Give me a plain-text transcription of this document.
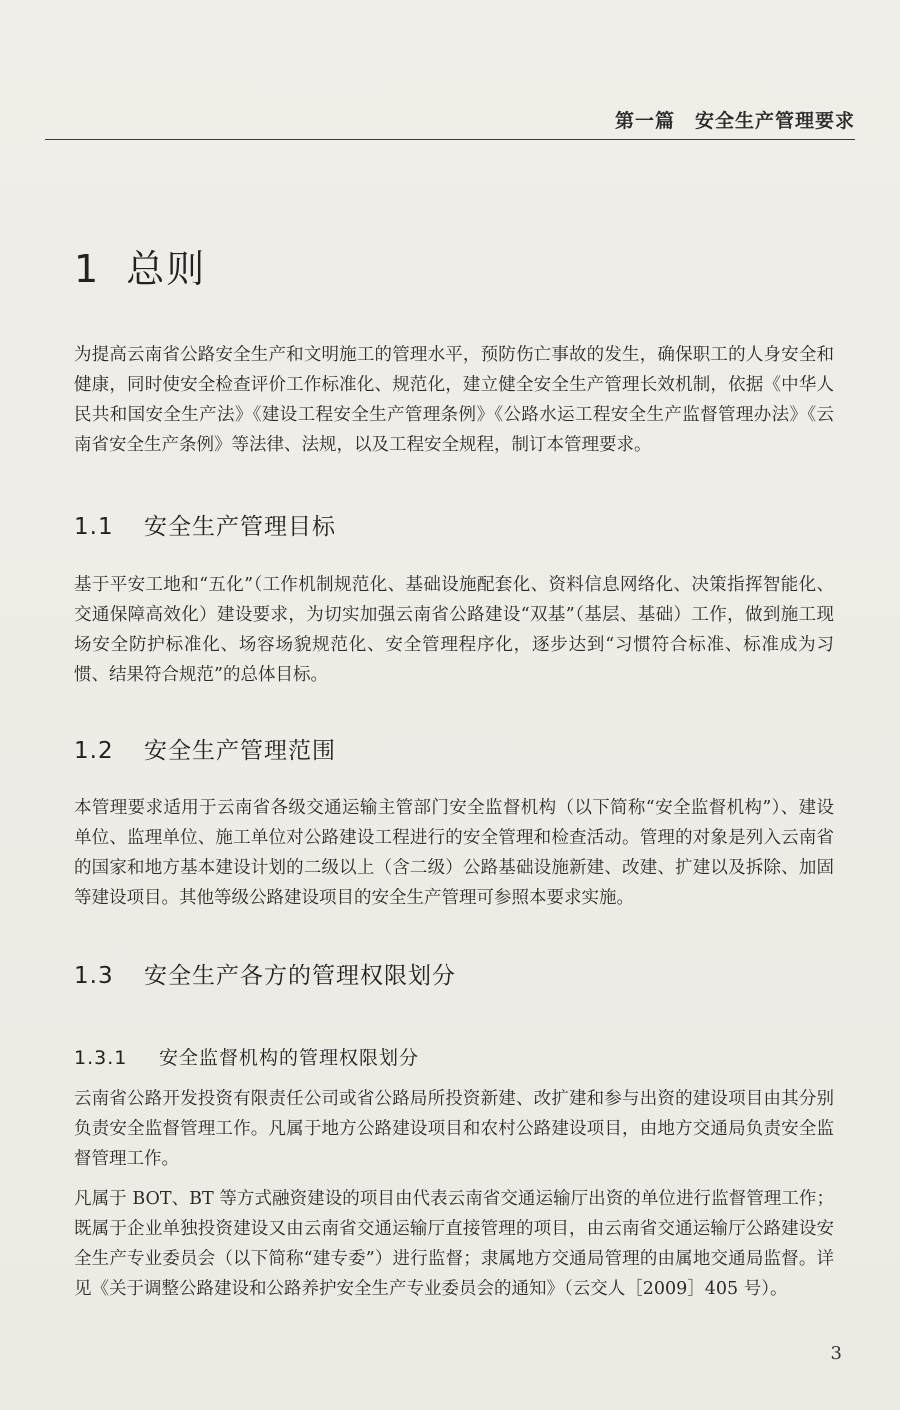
第一篇　安全生产管理要求
1 总则

为提高云南省公路安全生产和文明施工的管理水平，预防伤亡事故的发生，确保职工的人身安全和健康，同时使安全检查评价工作标准化、规范化，建立健全安全生产管理长效机制，依据《中华人民共和国安全生产法》《建设工程安全生产管理条例》《公路水运工程安全生产监督管理办法》《云南省安全生产条例》等法律、法规，以及工程安全规程，制订本管理要求。

1.1 安全生产管理目标

基于平安工地和“五化”（工作机制规范化、基础设施配套化、资料信息网络化、决策指挥智能化、交通保障高效化）建设要求，为切实加强云南省公路建设“双基”（基层、基础）工作，做到施工现场安全防护标准化、场容场貌规范化、安全管理程序化，逐步达到“习惯符合标准、标准成为习惯、结果符合规范”的总体目标。

1.2 安全生产管理范围

本管理要求适用于云南省各级交通运输主管部门安全监督机构（以下简称“安全监督机构”）、建设单位、监理单位、施工单位对公路建设工程进行的安全管理和检查活动。管理的对象是列入云南省的国家和地方基本建设计划的二级以上（含二级）公路基础设施新建、改建、扩建以及拆除、加固等建设项目。其他等级公路建设项目的安全生产管理可参照本要求实施。

1.3 安全生产各方的管理权限划分
1.3.1 安全监督机构的管理权限划分

云南省公路开发投资有限责任公司或省公路局所投资新建、改扩建和参与出资的建设项目由其分别负责安全监督管理工作。凡属于地方公路建设项目和农村公路建设项目，由地方交通局负责安全监督管理工作。

凡属于 BOT、BT 等方式融资建设的项目由代表云南省交通运输厅出资的单位进行监督管理工作；既属于企业单独投资建设又由云南省交通运输厅直接管理的项目，由云南省交通运输厅公路建设安全生产专业委员会（以下简称“建专委”）进行监督；隶属地方交通局管理的由属地交通局监督。详见《关于调整公路建设和公路养护安全生产专业委员会的通知》（云交人［2009］405 号）。

3
